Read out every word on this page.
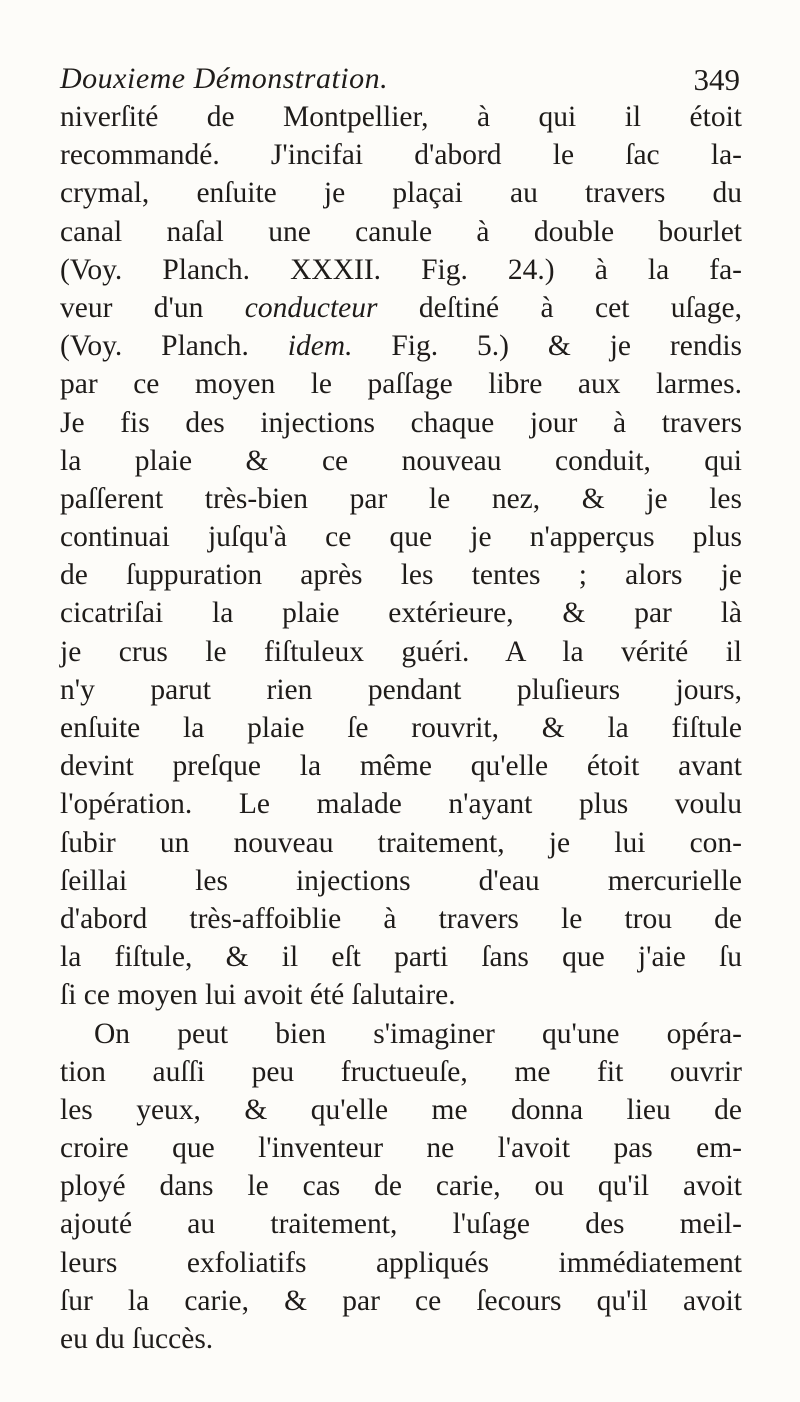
Douxieme Démonstration.	349
niverſité de Montpellier, à qui il étoit
recommandé. J'incifai d'abord le ſac la-
crymal, enſuite je plaçai au travers du
canal naſal une canule à double bourlet
(Voy. Planch. XXXII. Fig. 24.) à la fa-
veur d'un conducteur deſtiné à cet uſage,
(Voy. Planch. idem. Fig. 5.) & je rendis
par ce moyen le paſſage libre aux larmes.
Je fis des injections chaque jour à travers
la plaie & ce nouveau conduit, qui
paſſerent très-bien par le nez, & je les
continuai juſqu'à ce que je n'apperçus plus
de ſuppuration après les tentes ; alors je
cicatriſai la plaie extérieure, & par là
je crus le fiſtuleux guéri. A la vérité il
n'y parut rien pendant pluſieurs jours,
enſuite la plaie ſe rouvrit, & la fiſtule
devint preſque la même qu'elle étoit avant
l'opération. Le malade n'ayant plus voulu
ſubir un nouveau traitement, je lui con-
ſeillai les injections d'eau mercurielle
d'abord très-affoiblie à travers le trou de
la fiſtule, & il eſt parti ſans que j'aie ſu
ſi ce moyen lui avoit été ſalutaire.
On peut bien s'imaginer qu'une opéra-
tion auſſi peu fructueuſe, me fit ouvrir
les yeux, & qu'elle me donna lieu de
croire que l'inventeur ne l'avoit pas em-
ployé dans le cas de carie, ou qu'il avoit
ajouté au traitement, l'uſage des meil-
leurs exfoliatifs appliqués immédiatement
ſur la carie, & par ce ſecours qu'il avoit
eu du ſuccès.
